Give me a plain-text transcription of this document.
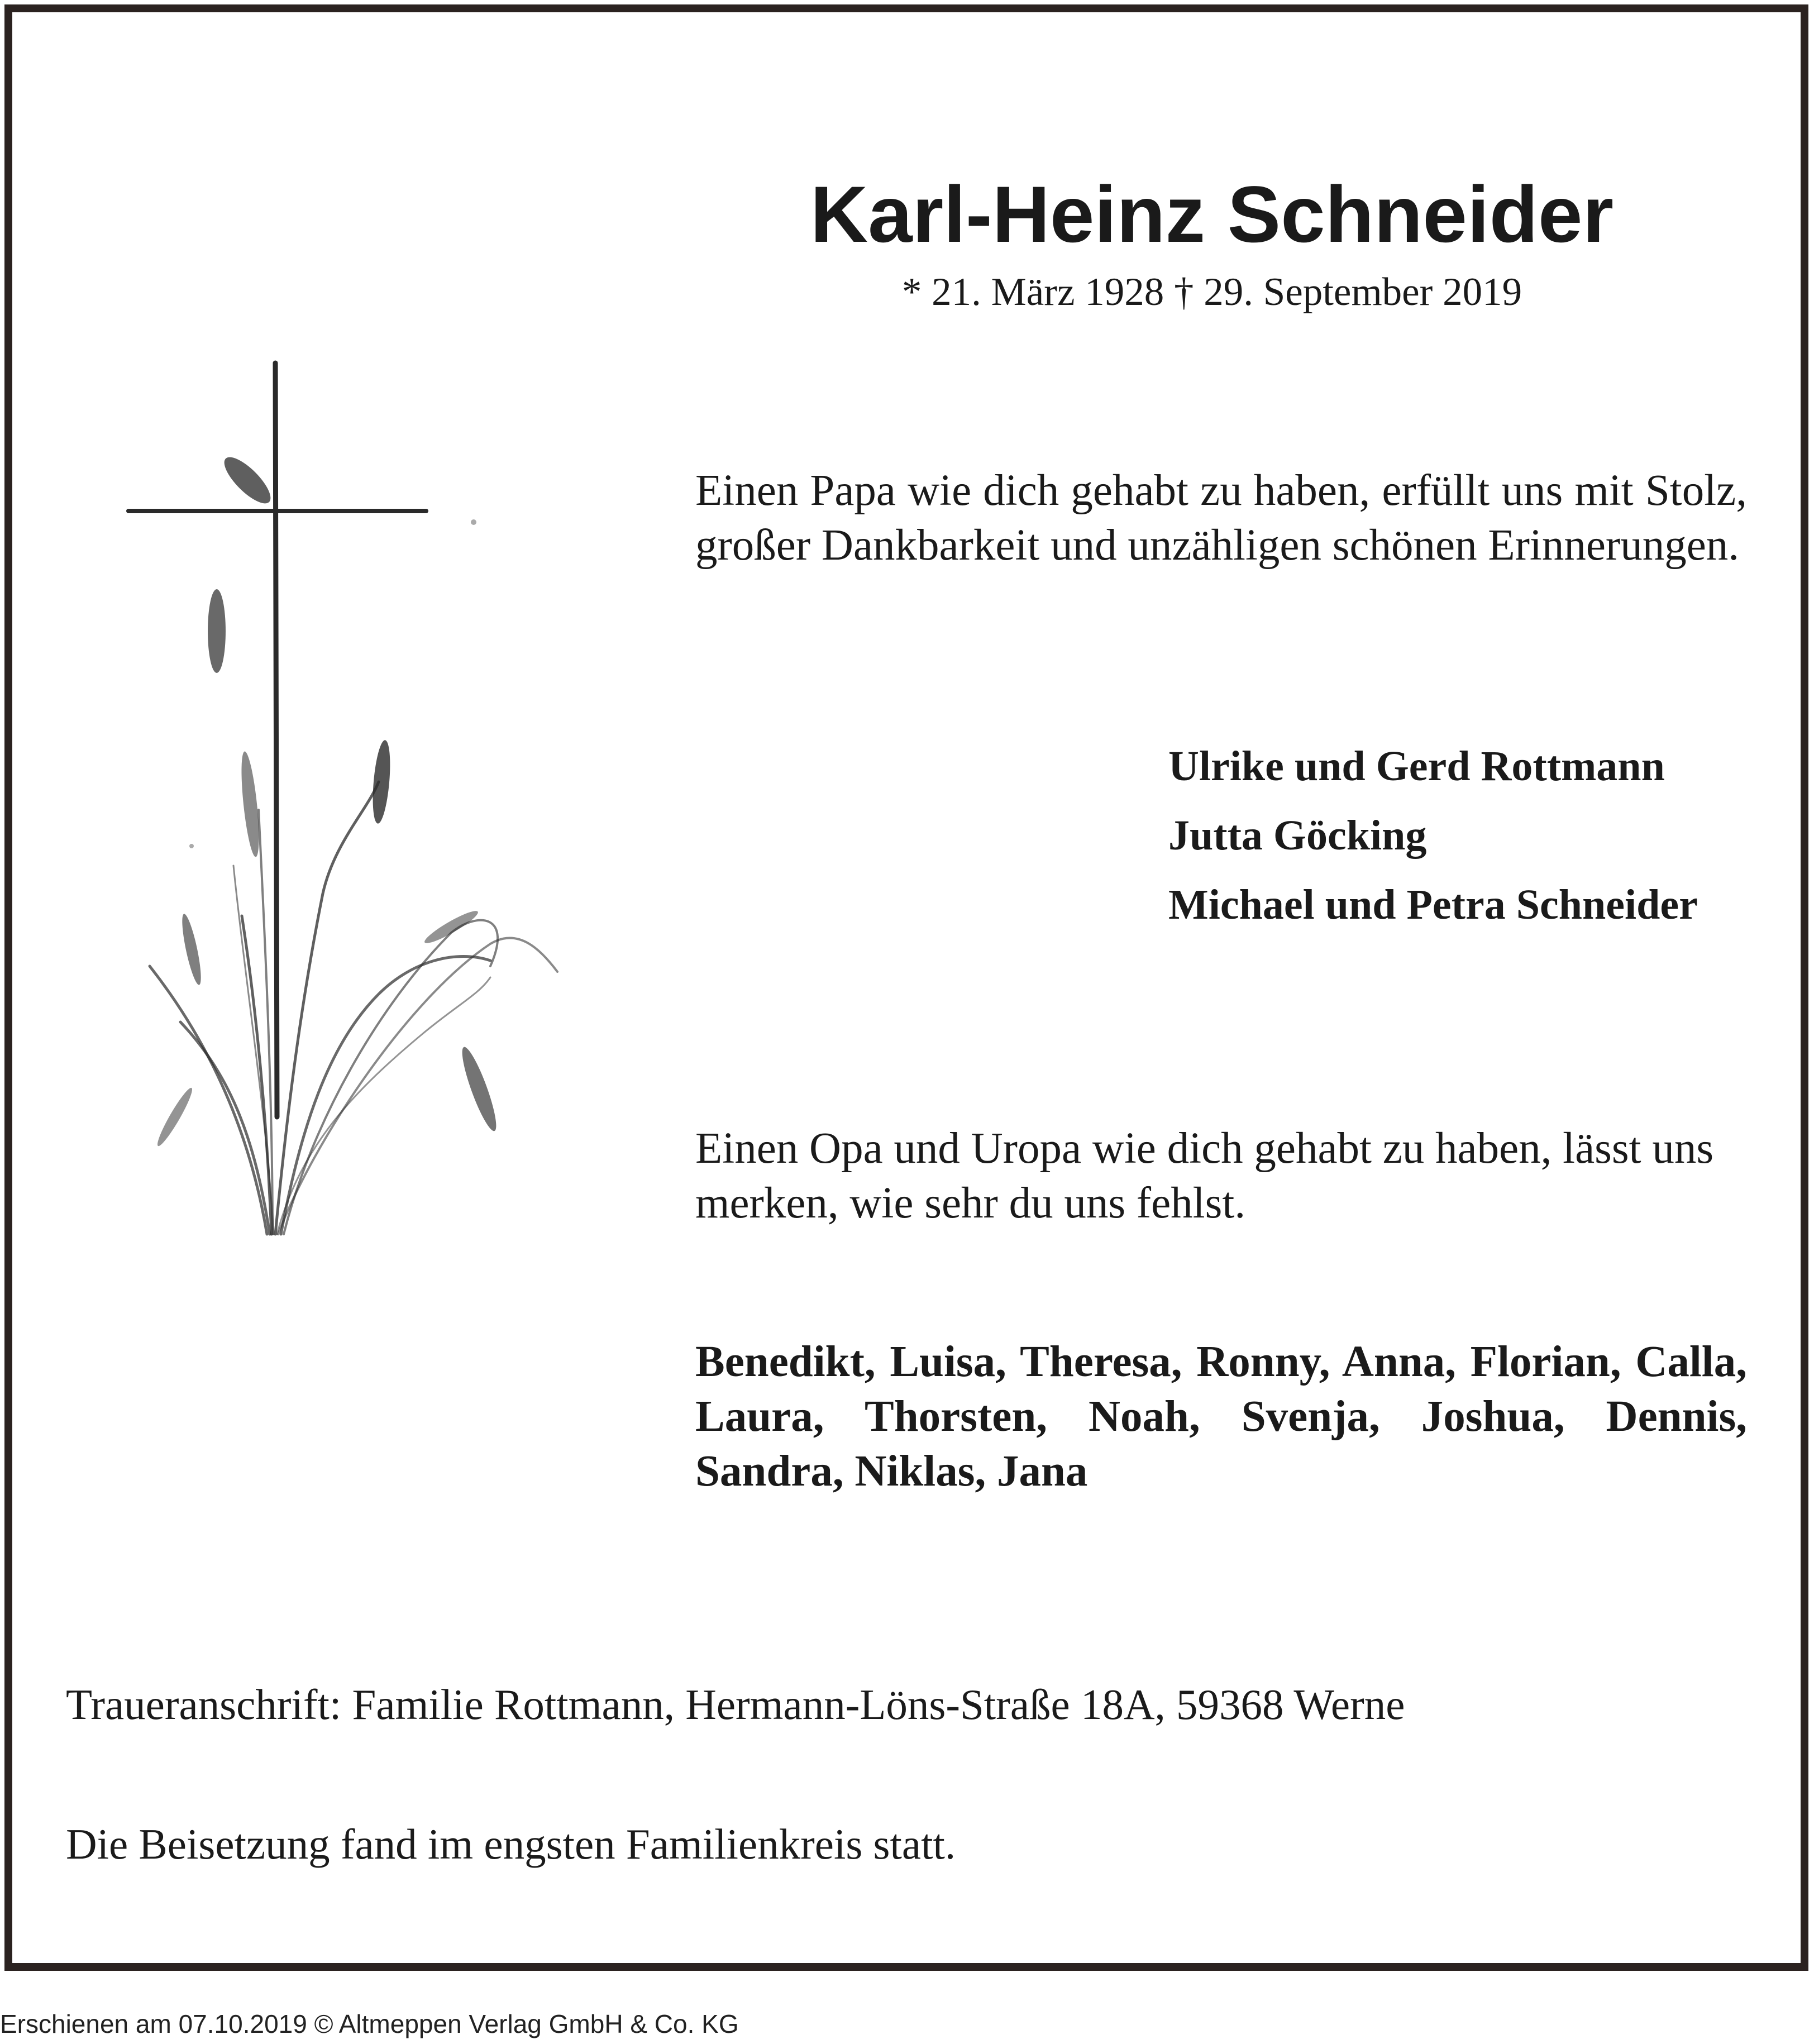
Karl-Heinz Schneider
* 21. März 1928 † 29. September 2019
Einen Papa wie dich gehabt zu haben, erfüllt uns mit Stolz, großer Dankbarkeit und unzähligen schönen Erinnerungen.
Ulrike und Gerd Rottmann
Jutta Göcking
Michael und Petra Schneider
Einen Opa und Uropa wie dich gehabt zu haben, lässt uns merken, wie sehr du uns fehlst.
Benedikt, Luisa, Theresa, Ronny, Anna, Florian, Calla, Laura, Thorsten, Noah, Svenja, Joshua, Dennis, Sandra, Niklas, Jana
Traueranschrift: Familie Rottmann, Hermann-Löns-Straße 18A, 59368 Werne
Die Beisetzung fand im engsten Familienkreis statt.
Erschienen am 07.10.2019 © Altmeppen Verlag GmbH & Co. KG
